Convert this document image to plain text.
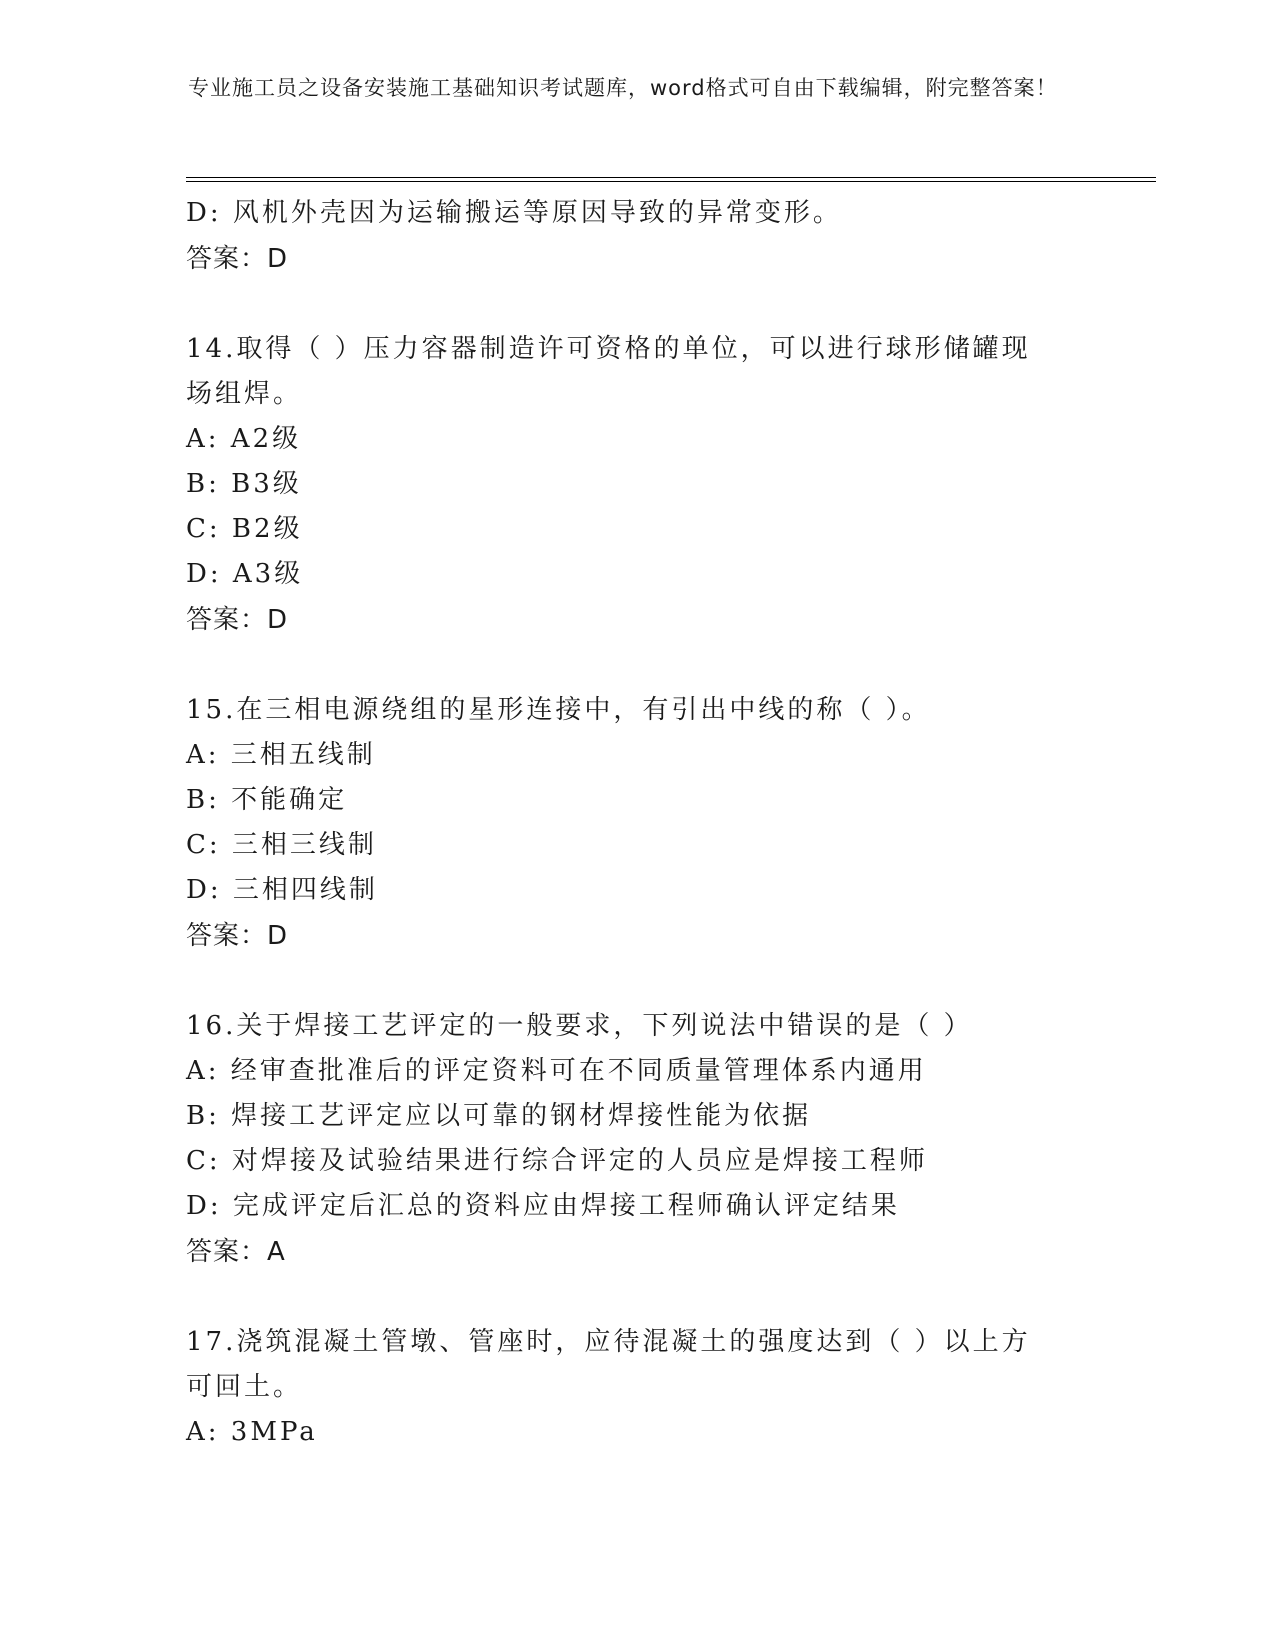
专业施工员之设备安装施工基础知识考试题库，word格式可自由下载编辑，附完整答案！
D: 风机外壳因为运输搬运等原因导致的异常变形。
答案：D
14.取得（ ）压力容器制造许可资格的单位，可以进行球形储罐现场组焊。
A: A2级
B: B3级
C: B2级
D: A3级
答案：D
15.在三相电源绕组的星形连接中，有引出中线的称（ ）。
A: 三相五线制
B: 不能确定
C: 三相三线制
D: 三相四线制
答案：D
16.关于焊接工艺评定的一般要求，下列说法中错误的是（ ）
A: 经审查批准后的评定资料可在不同质量管理体系内通用
B: 焊接工艺评定应以可靠的钢材焊接性能为依据
C: 对焊接及试验结果进行综合评定的人员应是焊接工程师
D: 完成评定后汇总的资料应由焊接工程师确认评定结果
答案：A
17.浇筑混凝土管墩、管座时，应待混凝土的强度达到（ ）以上方可回土。
A: 3MPa
